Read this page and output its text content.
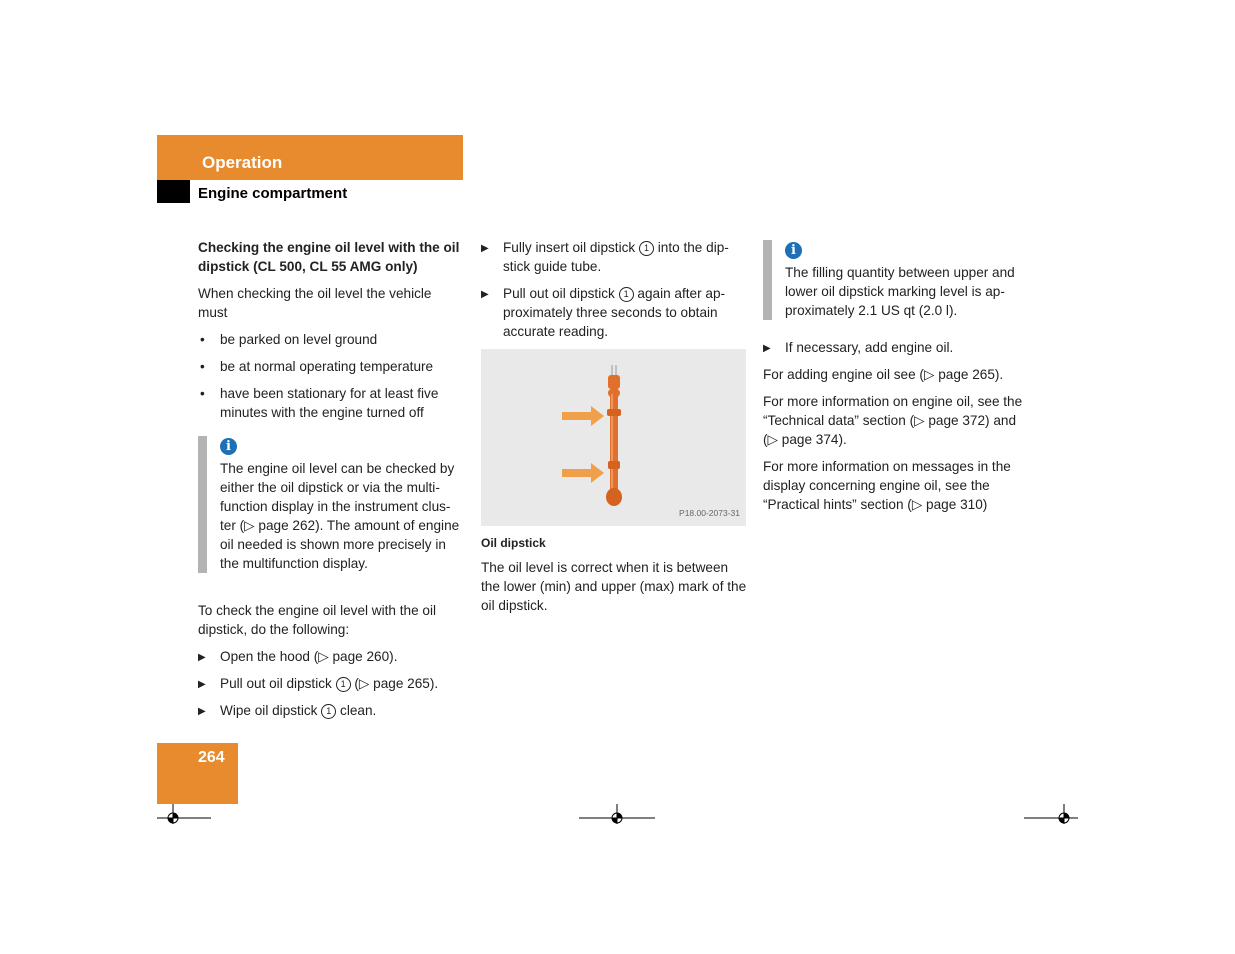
Operation
Engine compartment

Checking the engine oil level with the oil dipstick (CL 500, CL 55 AMG only)

When checking the oil level the vehicle must

• be parked on level ground
• be at normal operating temperature
• have been stationary for at least five minutes with the engine turned off
i
The engine oil level can be checked by either the oil dipstick or via the multi-function display in the instrument clus-ter (▷ page 262). The amount of engine oil needed is shown more precisely in the multifunction display.

To check the engine oil level with the oil dipstick, do the following:

▶ Open the hood (▷ page 260).
▶ Pull out oil dipstick 1 (▷ page 265).
▶ Wipe oil dipstick 1 clean.
▶ Fully insert oil dipstick 1 into the dip-stick guide tube.
▶ Pull out oil dipstick 1 again after ap-proximately three seconds to obtain accurate reading.
P18.00-2073-31
Oil dipstick

The oil level is correct when it is between the lower (min) and upper (max) mark of the oil dipstick.

i
The filling quantity between upper and lower oil dipstick marking level is ap-proximately 2.1 US qt (2.0 l).
▶ If necessary, add engine oil.

For adding engine oil see (▷ page 265).

For more information on engine oil, see the “Technical data” section (▷ page 372) and (▷ page 374).

For more information on messages in the display concerning engine oil, see the “Practical hints” section (▷ page 310)

264
